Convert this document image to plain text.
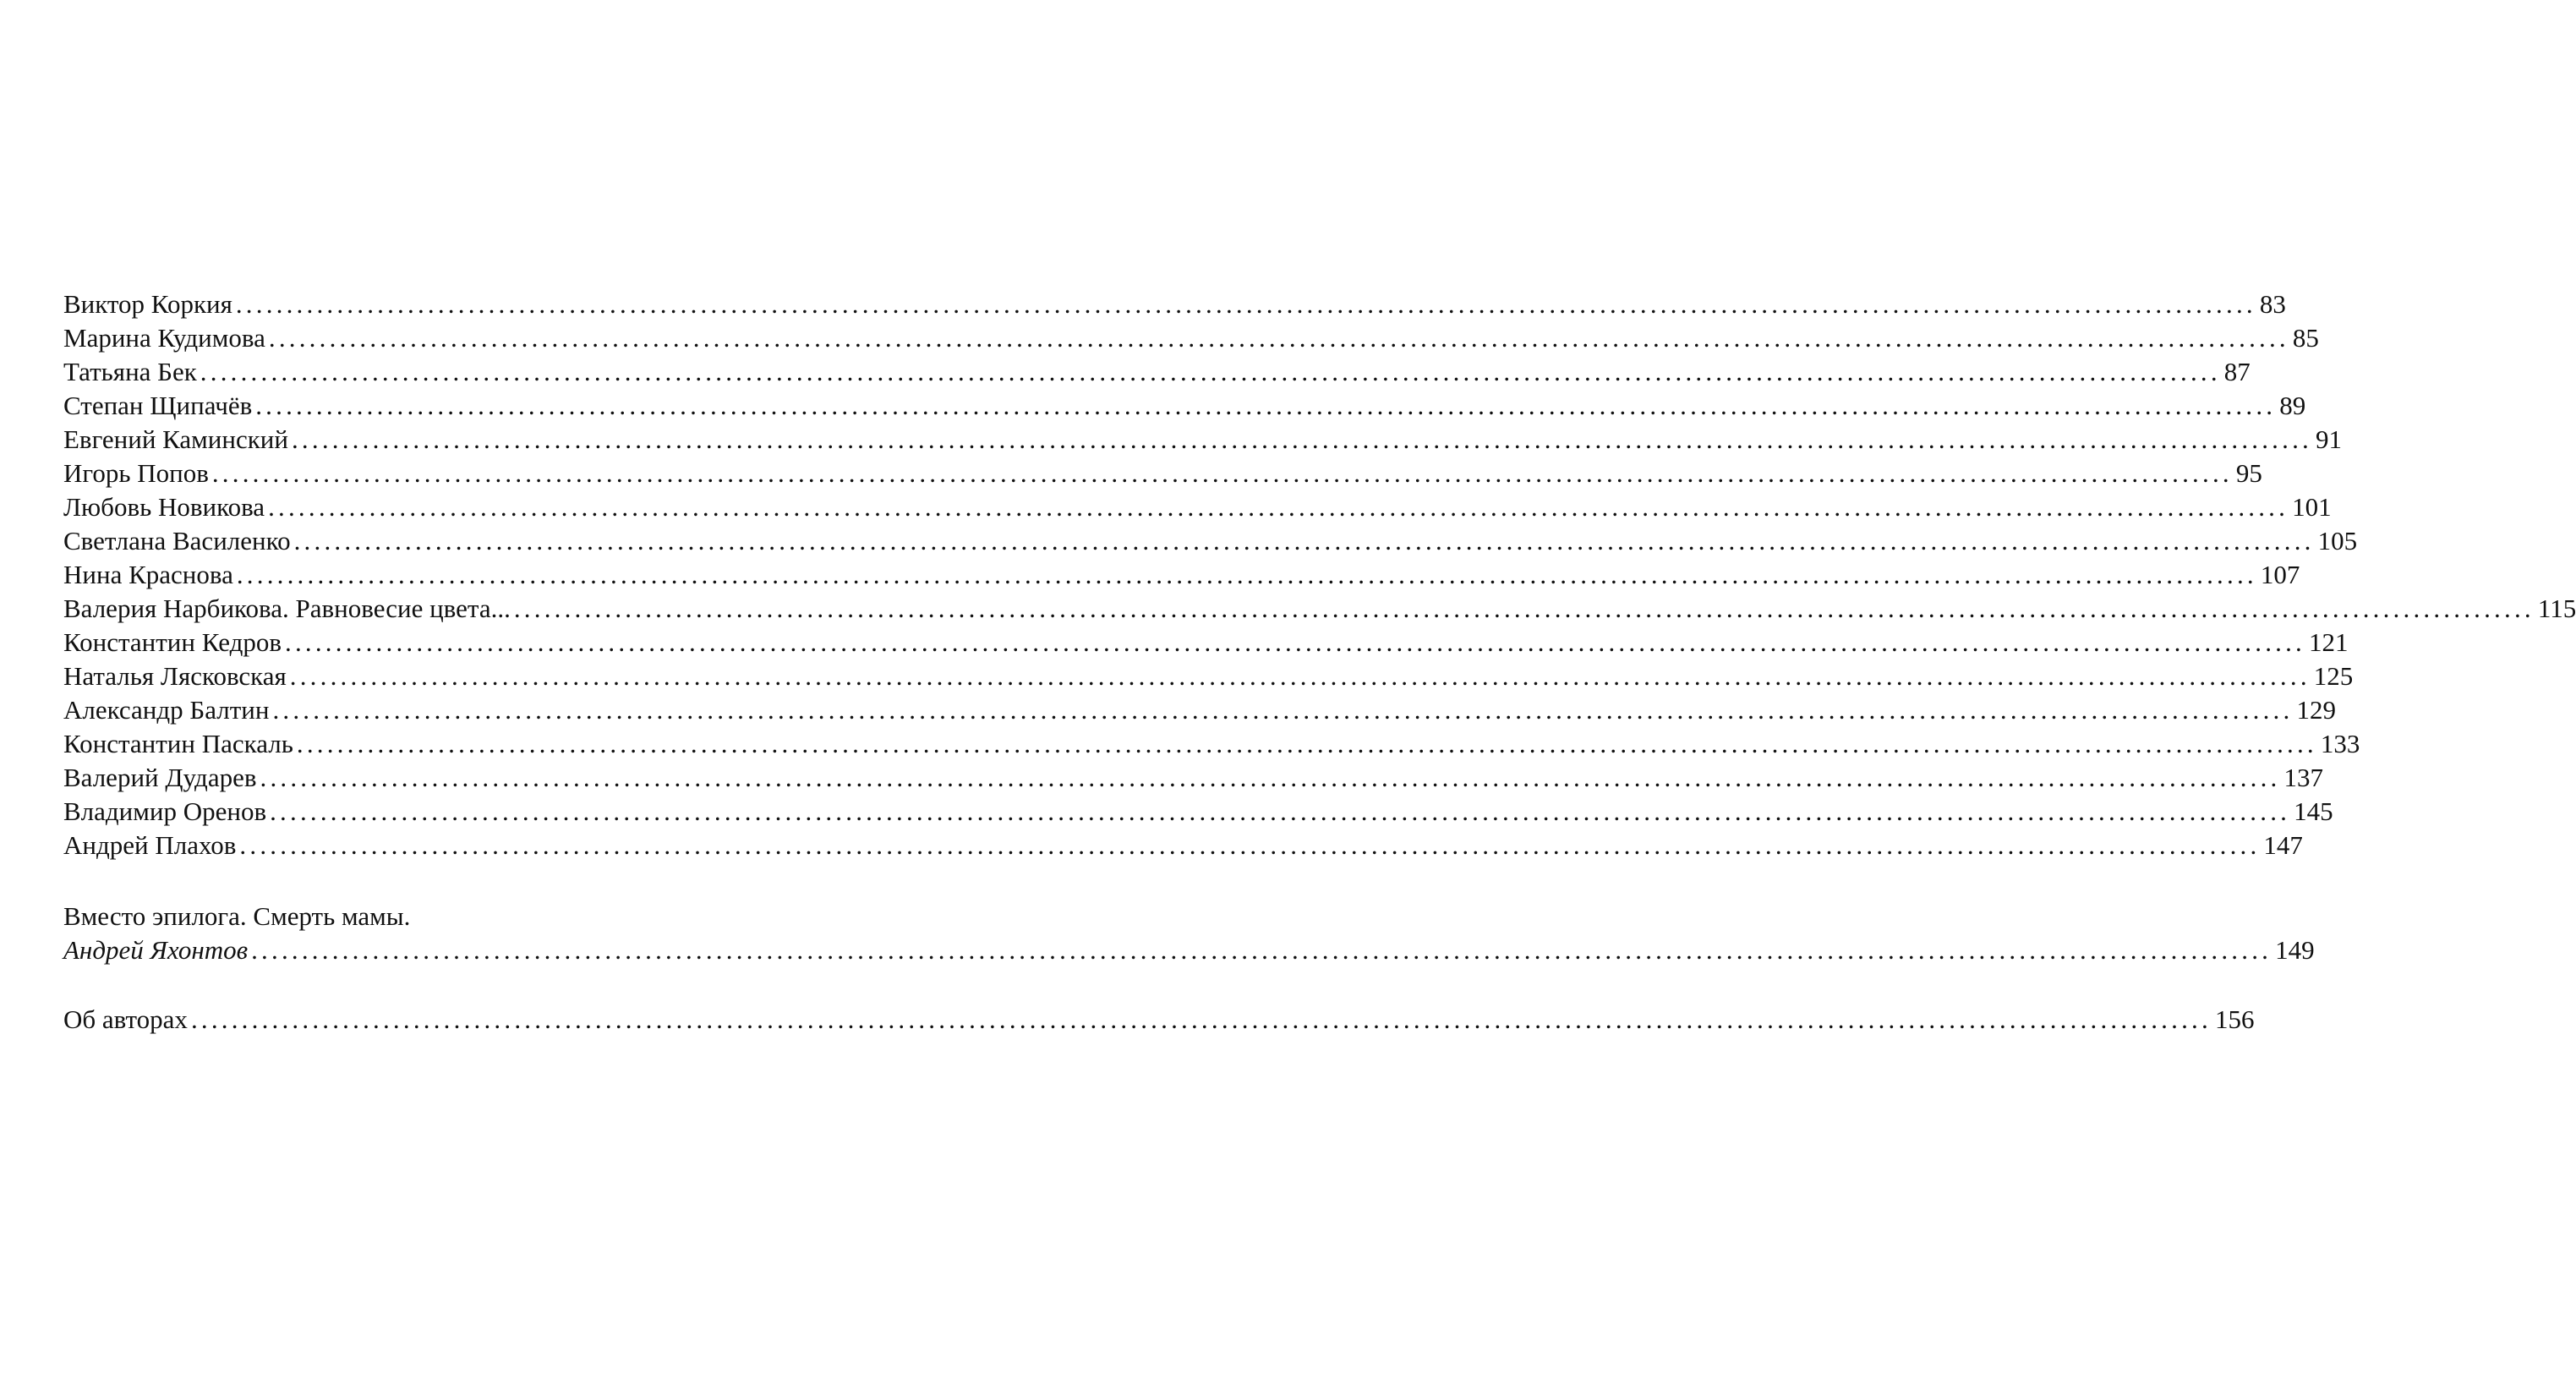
Виктор Коркия ........................................................................................................................................................................................................ 83
Марина Кудимова ........................................................................................................................................................................................................ 85
Татьяна Бек ........................................................................................................................................................................................................ 87
Степан Щипачёв ........................................................................................................................................................................................................ 89
Евгений Каминский ........................................................................................................................................................................................................ 91
Игорь Попов ........................................................................................................................................................................................................ 95
Любовь Новикова ........................................................................................................................................................................................................ 101
Светлана Василенко ........................................................................................................................................................................................................ 105
Нина Краснова ........................................................................................................................................................................................................ 107
Валерия Нарбикова. Равновесие цвета... ........................................................................................................................................................................................................ 115
Константин Кедров ........................................................................................................................................................................................................ 121
Наталья Лясковская ........................................................................................................................................................................................................ 125
Александр Балтин ........................................................................................................................................................................................................ 129
Константин Паскаль ........................................................................................................................................................................................................ 133
Валерий Дударев ........................................................................................................................................................................................................ 137
Владимир Оренов ........................................................................................................................................................................................................ 145
Андрей Плахов ........................................................................................................................................................................................................ 147
Вместо эпилога. Смерть мамы.
Андрей Яхонтов ........................................................................................................................................................................................................ 149
Об авторах ........................................................................................................................................................................................................ 156
